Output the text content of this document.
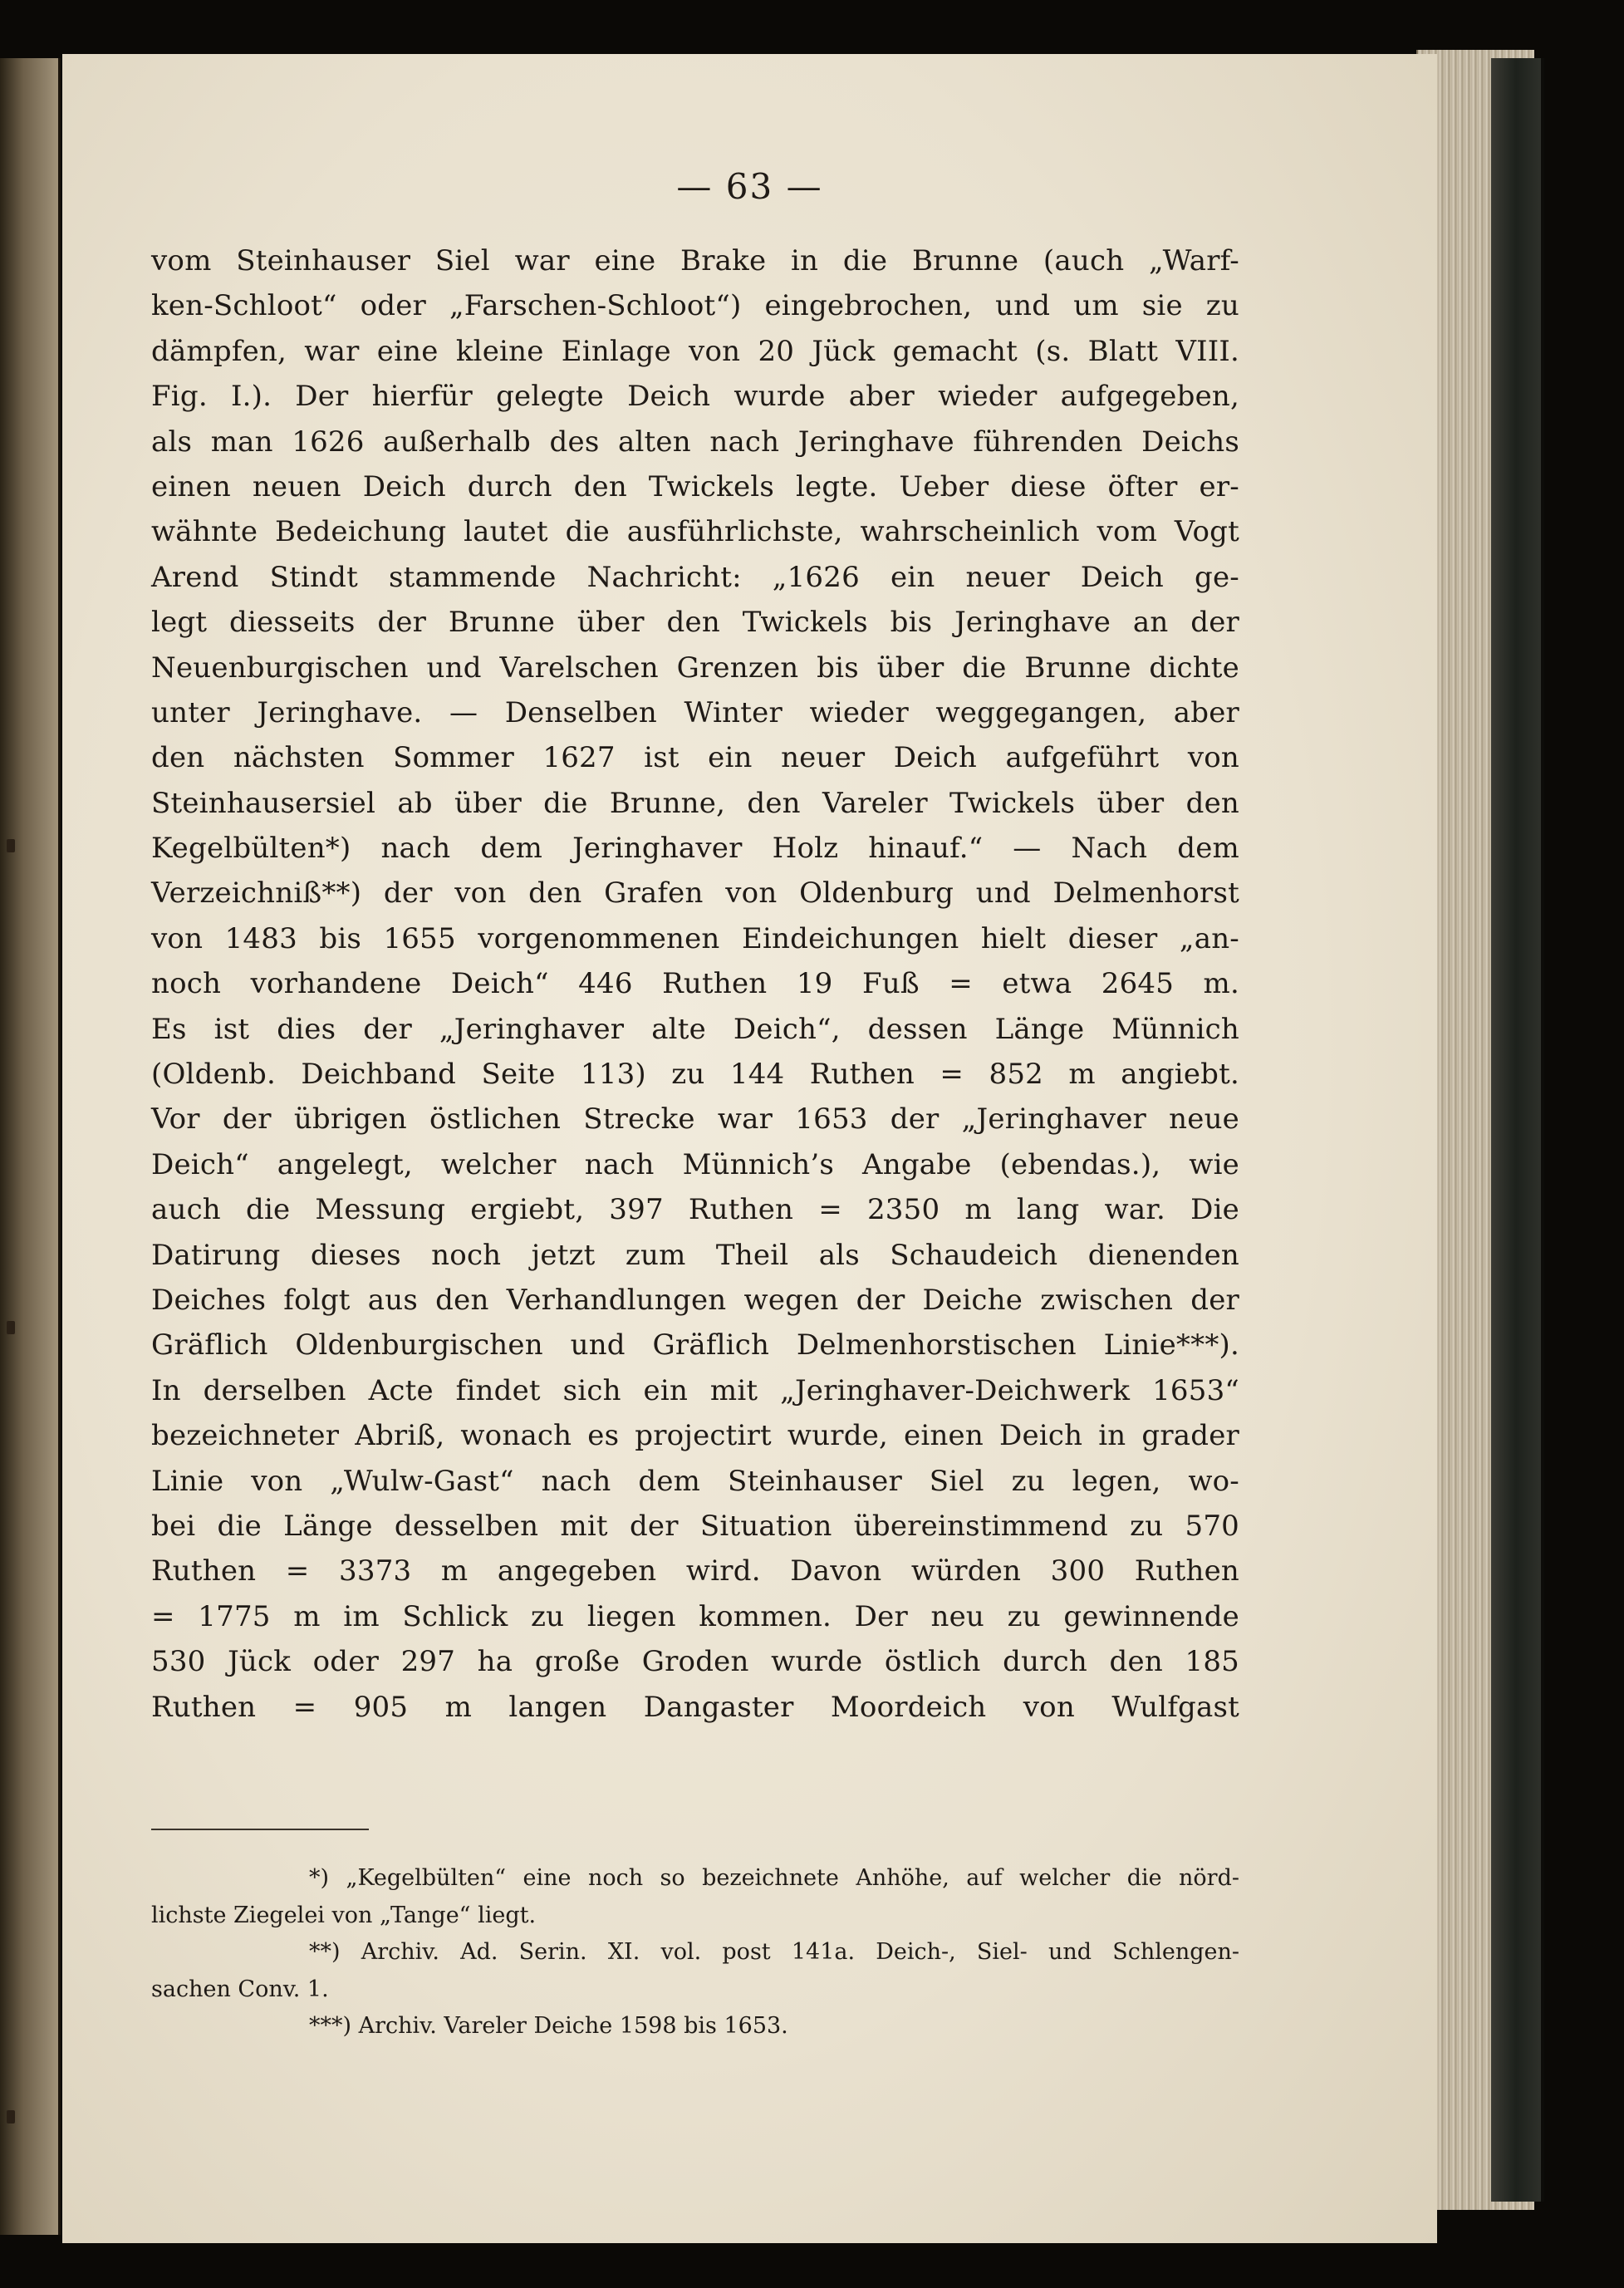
— 63 —
vom Steinhauser Siel war eine Brake in die Brunne (auch „Warf-
ken-Schloot“ oder „Farschen-Schloot“) eingebrochen, und um sie zu
dämpfen, war eine kleine Einlage von 20 Jück gemacht (s. Blatt VIII.
Fig. I.). Der hierfür gelegte Deich wurde aber wieder aufgegeben,
als man 1626 außerhalb des alten nach Jeringhave führenden Deichs
einen neuen Deich durch den Twickels legte. Ueber diese öfter er-
wähnte Bedeichung lautet die ausführlichste, wahrscheinlich vom Vogt
Arend Stindt stammende Nachricht: „1626 ein neuer Deich ge-
legt diesseits der Brunne über den Twickels bis Jeringhave an der
Neuenburgischen und Varelschen Grenzen bis über die Brunne dichte
unter Jeringhave. — Denselben Winter wieder weggegangen, aber
den nächsten Sommer 1627 ist ein neuer Deich aufgeführt von
Steinhausersiel ab über die Brunne, den Vareler Twickels über den
Kegelbülten*) nach dem Jeringhaver Holz hinauf.“ — Nach dem
Verzeichniß**) der von den Grafen von Oldenburg und Delmenhorst
von 1483 bis 1655 vorgenommenen Eindeichungen hielt dieser „an-
noch vorhandene Deich“ 446 Ruthen 19 Fuß = etwa 2645 m.
Es ist dies der „Jeringhaver alte Deich“, dessen Länge Münnich
(Oldenb. Deichband Seite 113) zu 144 Ruthen = 852 m angiebt.
Vor der übrigen östlichen Strecke war 1653 der „Jeringhaver neue
Deich“ angelegt, welcher nach Münnich’s Angabe (ebendas.), wie
auch die Messung ergiebt, 397 Ruthen = 2350 m lang war. Die
Datirung dieses noch jetzt zum Theil als Schaudeich dienenden
Deiches folgt aus den Verhandlungen wegen der Deiche zwischen der
Gräflich Oldenburgischen und Gräflich Delmenhorstischen Linie***).
In derselben Acte findet sich ein mit „Jeringhaver-Deichwerk 1653“
bezeichneter Abriß, wonach es projectirt wurde, einen Deich in grader
Linie von „Wulw-Gast“ nach dem Steinhauser Siel zu legen, wo-
bei die Länge desselben mit der Situation übereinstimmend zu 570
Ruthen = 3373 m angegeben wird. Davon würden 300 Ruthen
= 1775 m im Schlick zu liegen kommen. Der neu zu gewinnende
530 Jück oder 297 ha große Groden wurde östlich durch den 185
Ruthen = 905 m langen Dangaster Moordeich von Wulfgast
*) „Kegelbülten“ eine noch so bezeichnete Anhöhe, auf welcher die nörd-
lichste Ziegelei von „Tange“ liegt.
**) Archiv. Ad. Serin. XI. vol. post 141a. Deich-, Siel- und Schlengen-
sachen Conv. 1.
***) Archiv. Vareler Deiche 1598 bis 1653.
